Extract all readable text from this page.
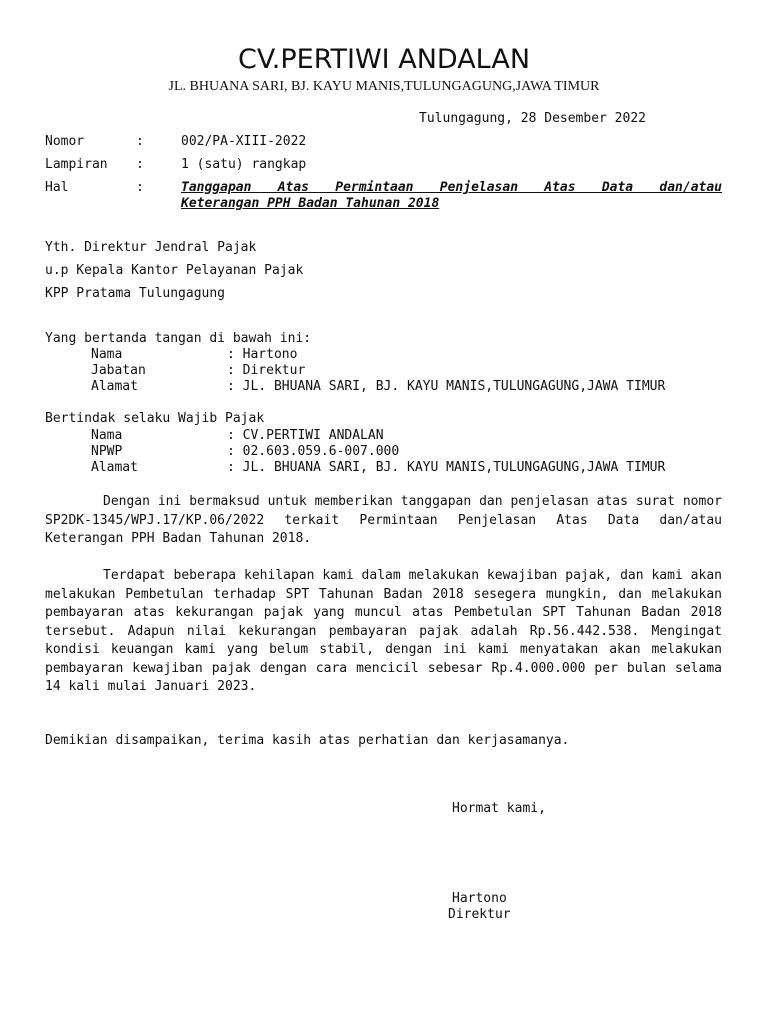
CV.PERTIWI ANDALAN
JL. BHUANA SARI, BJ. KAYU MANIS,TULUNGAGUNG,JAWA TIMUR
Tulungagung, 28 Desember 2022
Nomor	:	002/PA-XIII-2022
Lampiran :	1 (satu) rangkap
Hal	:	Tanggapan Atas Permintaan Penjelasan Atas Data dan/atau
Keterangan PPH Badan Tahunan 2018
Yth. Direktur Jendral Pajak
u.p Kepala Kantor Pelayanan Pajak
KPP Pratama Tulungagung
Yang bertanda tangan di bawah ini:
Nama	: Hartono
Jabatan	: Direktur
Alamat	: JL. BHUANA SARI, BJ. KAYU MANIS,TULUNGAGUNG,JAWA TIMUR
Bertindak selaku Wajib Pajak
Nama	: CV.PERTIWI ANDALAN
NPWP	: 02.603.059.6-007.000
Alamat	: JL. BHUANA SARI, BJ. KAYU MANIS,TULUNGAGUNG,JAWA TIMUR
Dengan ini bermaksud untuk memberikan tanggapan dan penjelasan atas surat nomor SP2DK-1345/WPJ.17/KP.06/2022 terkait Permintaan Penjelasan Atas Data dan/atau Keterangan PPH Badan Tahunan 2018.
Terdapat beberapa kehilapan kami dalam melakukan kewajiban pajak, dan kami akan melakukan Pembetulan terhadap SPT Tahunan Badan 2018 sesegera mungkin, dan melakukan pembayaran atas kekurangan pajak yang muncul atas Pembetulan SPT Tahunan Badan 2018 tersebut. Adapun nilai kekurangan pembayaran pajak adalah Rp.56.442.538. Mengingat kondisi keuangan kami yang belum stabil, dengan ini kami menyatakan akan melakukan pembayaran kewajiban pajak dengan cara mencicil sebesar Rp.4.000.000 per bulan selama 14 kali mulai Januari 2023.
Demikian disampaikan, terima kasih atas perhatian dan kerjasamanya.
Hormat kami,
Hartono
Direktur
